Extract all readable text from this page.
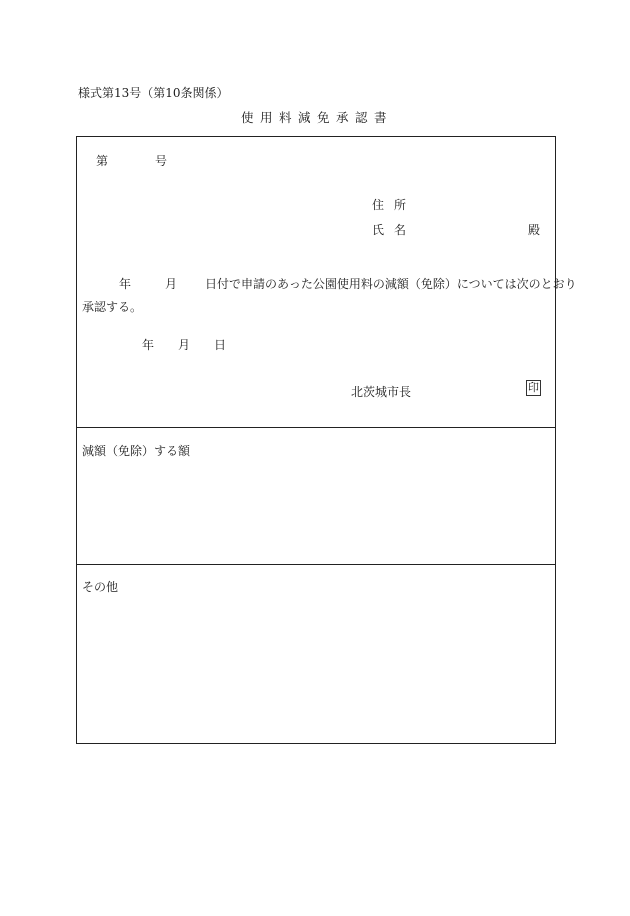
様式第13号（第10条関係）
使用料減免承認書
第	号
住所
氏名	殿
年	月 日付で申請のあった公園使用料の減額（免除）については次のとおり
承認する。
年 月 日
北茨城市長	印
減額（免除）する額
その他
